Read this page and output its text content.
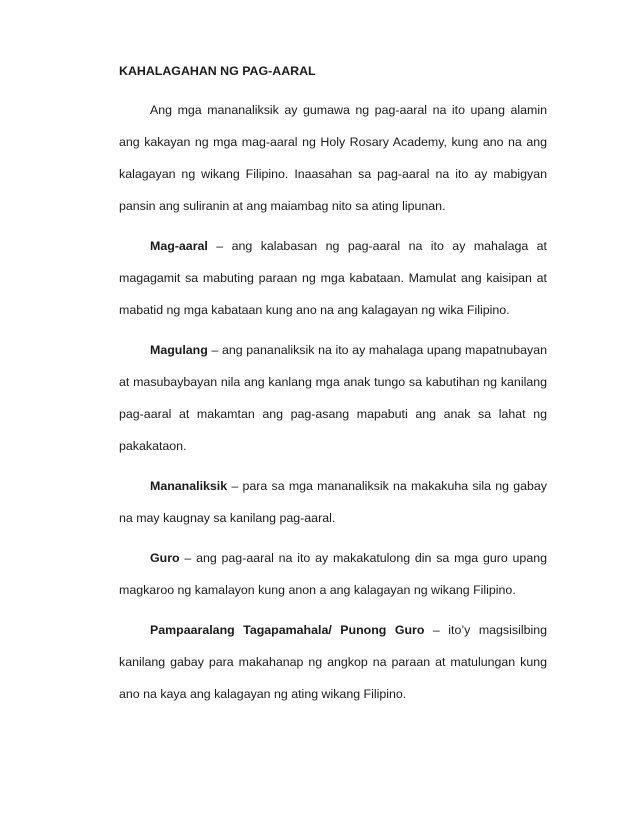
KAHALAGAHAN NG PAG-AARAL

Ang mga mananaliksik ay gumawa ng pag-aaral na ito upang alamin ang kakayan ng mga mag-aaral ng Holy Rosary Academy, kung ano na ang kalagayan ng wikang Filipino. Inaasahan sa pag-aaral na ito ay mabigyan pansin ang suliranin at ang maiambag nito sa ating lipunan.

Mag-aaral – ang kalabasan ng pag-aaral na ito ay mahalaga at magagamit sa mabuting paraan ng mga kabataan. Mamulat ang kaisipan at mabatid ng mga kabataan kung ano na ang kalagayan ng wika Filipino.

Magulang – ang pananaliksik na ito ay mahalaga upang mapatnubayan at masubaybayan nila ang kanlang mga anak tungo sa kabutihan ng kanilang pag-aaral at makamtan ang pag-asang mapabuti ang anak sa lahat ng pakakataon.

Mananaliksik – para sa mga mananaliksik na makakuha sila ng gabay na may kaugnay sa kanilang pag-aaral.

Guro – ang pag-aaral na ito ay makakatulong din sa mga guro upang magkaroo ng kamalayon kung anon a ang kalagayan ng wikang Filipino.

Pampaaralang Tagapamahala/ Punong Guro – ito’y magsisilbing kanilang gabay para makahanap ng angkop na paraan at matulungan kung ano na kaya ang kalagayan ng ating wikang Filipino.
